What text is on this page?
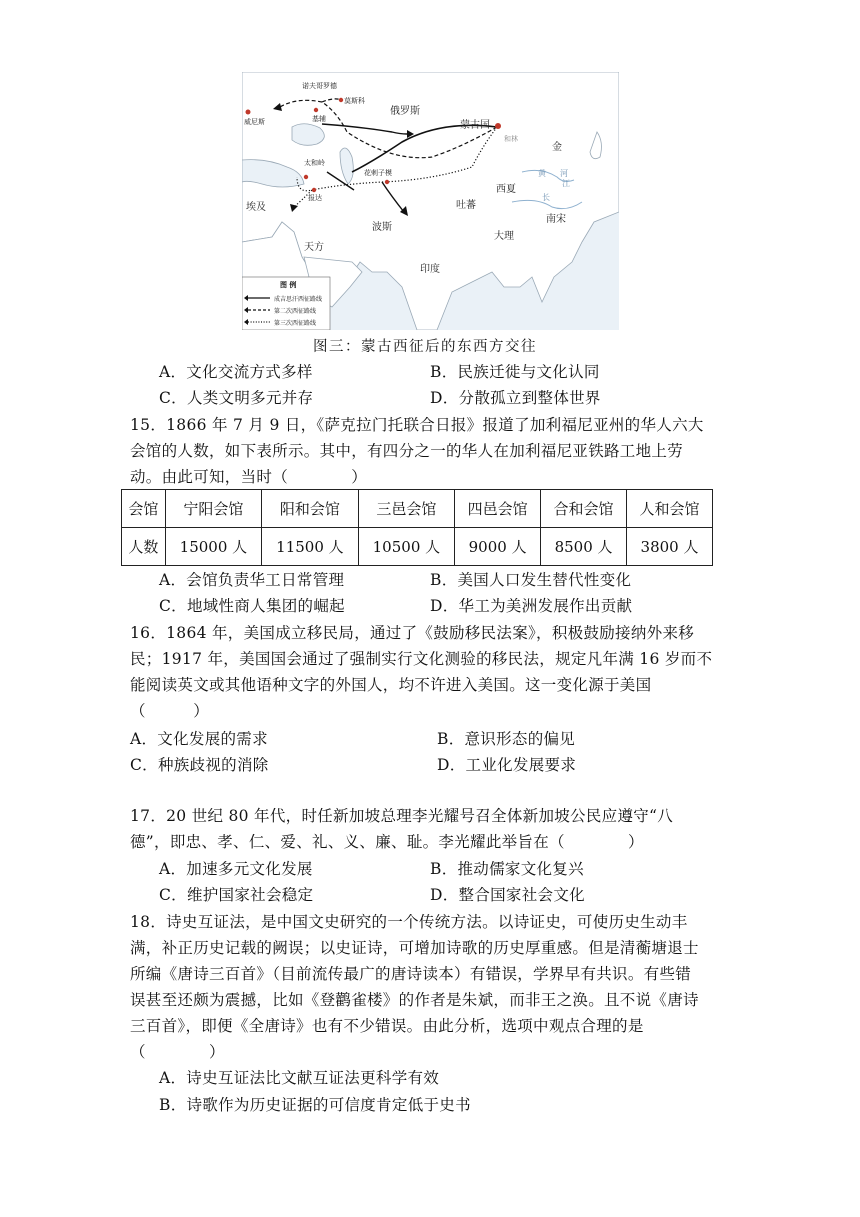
诺夫哥罗德
莫斯科
威尼斯	基辅
俄罗斯
蒙古国
和林
金
黄 河
太和岭
报达
花剌子模
西夏
长
江
埃及	吐蕃
南宋
天方
波斯
大理
印度
图 例
成吉思汗西征路线
第二次西征路线
第三次西征路线
图三：蒙古西征后的东西方交往
A．文化交流方式多样	B．民族迁徙与文化认同
C．人类文明多元并存	D．分散孤立到整体世界
15．1866 年 7 月 9 日，《萨克拉门托联合日报》报道了加利福尼亚州的华人六大
会馆的人数，如下表所示。其中，有四分之一的华人在加利福尼亚铁路工地上劳
动。由此可知，当时（　　　　）
会馆	宁阳会馆	阳和会馆	三邑会馆	四邑会馆	合和会馆	人和会馆
人数	15000 人	11500 人	10500 人	9000 人	8500 人	3800 人
A．会馆负责华工日常管理	B．美国人口发生替代性变化
C．地域性商人集团的崛起	D．华工为美洲发展作出贡献
16．1864 年，美国成立移民局，通过了《鼓励移民法案》，积极鼓励接纳外来移
民；1917 年，美国国会通过了强制实行文化测验的移民法，规定凡年满 16 岁而不
能阅读英文或其他语种文字的外国人，均不许进入美国。这一变化源于美国
（　　　）
A．文化发展的需求	B．意识形态的偏见
C．种族歧视的消除	D．工业化发展要求
17．20 世纪 80 年代，时任新加坡总理李光耀号召全体新加坡公民应遵守“八
德”，即忠、孝、仁、爱、礼、义、廉、耻。李光耀此举旨在（　　　　）
A．加速多元文化发展	B．推动儒家文化复兴
C．维护国家社会稳定	D．整合国家社会文化
18．诗史互证法，是中国文史研究的一个传统方法。以诗证史，可使历史生动丰
满，补正历史记载的阙误；以史证诗，可增加诗歌的历史厚重感。但是清蘅塘退士
所编《唐诗三百首》（目前流传最广的唐诗读本）有错误，学界早有共识。有些错
误甚至还颇为震撼，比如《登鹳雀楼》的作者是朱斌，而非王之涣。且不说《唐诗
三百首》，即便《全唐诗》也有不少错误。由此分析，选项中观点合理的是
（　　　　）
A．诗史互证法比文献互证法更科学有效
B．诗歌作为历史证据的可信度肯定低于史书
